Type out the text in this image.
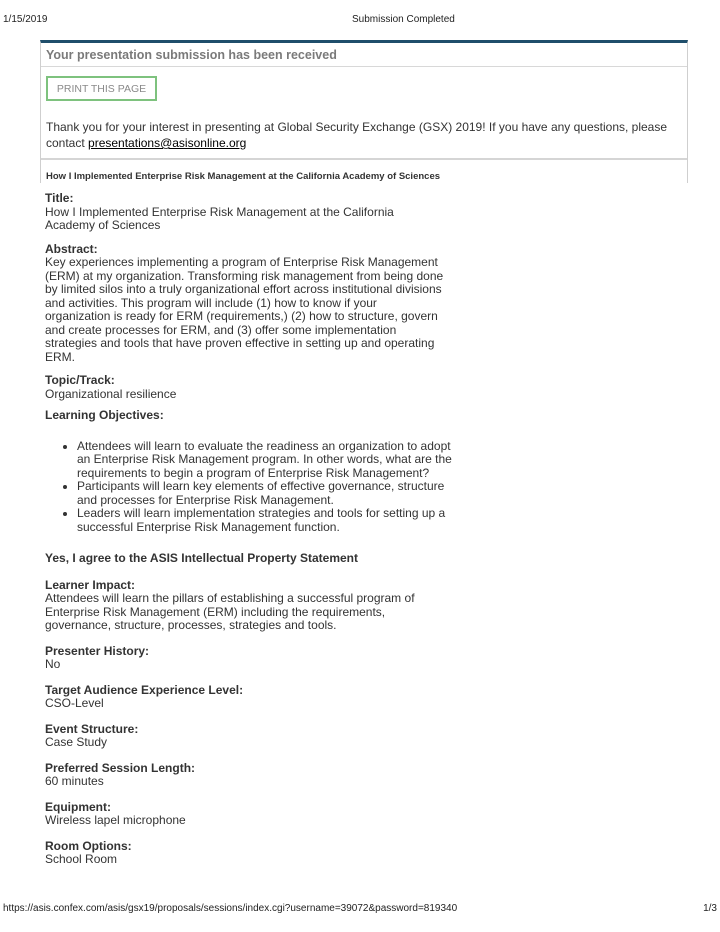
1/15/2019	Submission Completed
Your presentation submission has been received
PRINT THIS PAGE
Thank you for your interest in presenting at Global Security Exchange (GSX) 2019! If you have any questions, please contact presentations@asisonline.org
How I Implemented Enterprise Risk Management at the California Academy of Sciences
Title:
How I Implemented Enterprise Risk Management at the California Academy of Sciences
Abstract:
Key experiences implementing a program of Enterprise Risk Management (ERM) at my organization. Transforming risk management from being done by limited silos into a truly organizational effort across institutional divisions and activities. This program will include (1) how to know if your organization is ready for ERM (requirements,) (2) how to structure, govern and create processes for ERM, and (3) offer some implementation strategies and tools that have proven effective in setting up and operating ERM.
Topic/Track:
Organizational resilience
Learning Objectives:
• Attendees will learn to evaluate the readiness an organization to adopt an Enterprise Risk Management program. In other words, what are the requirements to begin a program of Enterprise Risk Management?
• Participants will learn key elements of effective governance, structure and processes for Enterprise Risk Management.
• Leaders will learn implementation strategies and tools for setting up a successful Enterprise Risk Management function.
Yes, I agree to the ASIS Intellectual Property Statement
Learner Impact:
Attendees will learn the pillars of establishing a successful program of Enterprise Risk Management (ERM) including the requirements, governance, structure, processes, strategies and tools.
Presenter History:
No
Target Audience Experience Level:
CSO-Level
Event Structure:
Case Study
Preferred Session Length:
60 minutes
Equipment:
Wireless lapel microphone
Room Options:
School Room
https://asis.confex.com/asis/gsx19/proposals/sessions/index.cgi?username=39072&password=819340	1/3
